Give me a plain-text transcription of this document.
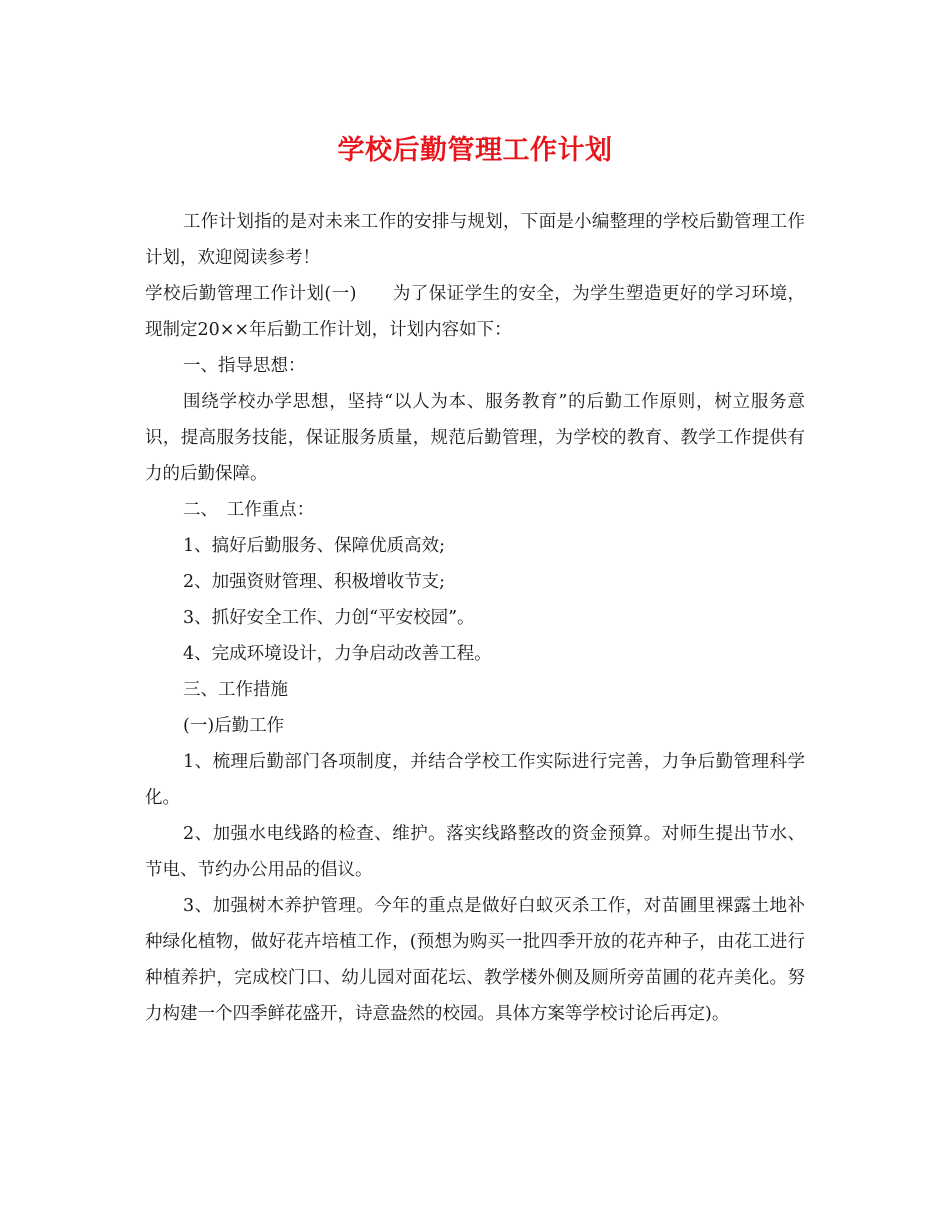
学校后勤管理工作计划

工作计划指的是对未来工作的安排与规划，下面是小编整理的学校后勤管理工作计划，欢迎阅读参考！

学校后勤管理工作计划(一) 为了保证学生的安全，为学生塑造更好的学习环境，现制定20××年后勤工作计划，计划内容如下：

一、指导思想：

围绕学校办学思想，坚持“以人为本、服务教育”的后勤工作原则，树立服务意识，提高服务技能，保证服务质量，规范后勤管理，为学校的教育、教学工作提供有力的后勤保障。

二、　工作重点：

1、搞好后勤服务、保障优质高效;

2、加强资财管理、积极增收节支;

3、抓好安全工作、力创“平安校园”。

4、完成环境设计，力争启动改善工程。

三、工作措施

(一)后勤工作

1、梳理后勤部门各项制度，并结合学校工作实际进行完善，力争后勤管理科学化。

2、加强水电线路的检查、维护。落实线路整改的资金预算。对师生提出节水、节电、节约办公用品的倡议。

3、加强树木养护管理。今年的重点是做好白蚁灭杀工作，对苗圃里裸露土地补种绿化植物，做好花卉培植工作，(预想为购买一批四季开放的花卉种子，由花工进行种植养护，完成校门口、幼儿园对面花坛、教学楼外侧及厕所旁苗圃的花卉美化。努力构建一个四季鲜花盛开，诗意盎然的校园。具体方案等学校讨论后再定)。
